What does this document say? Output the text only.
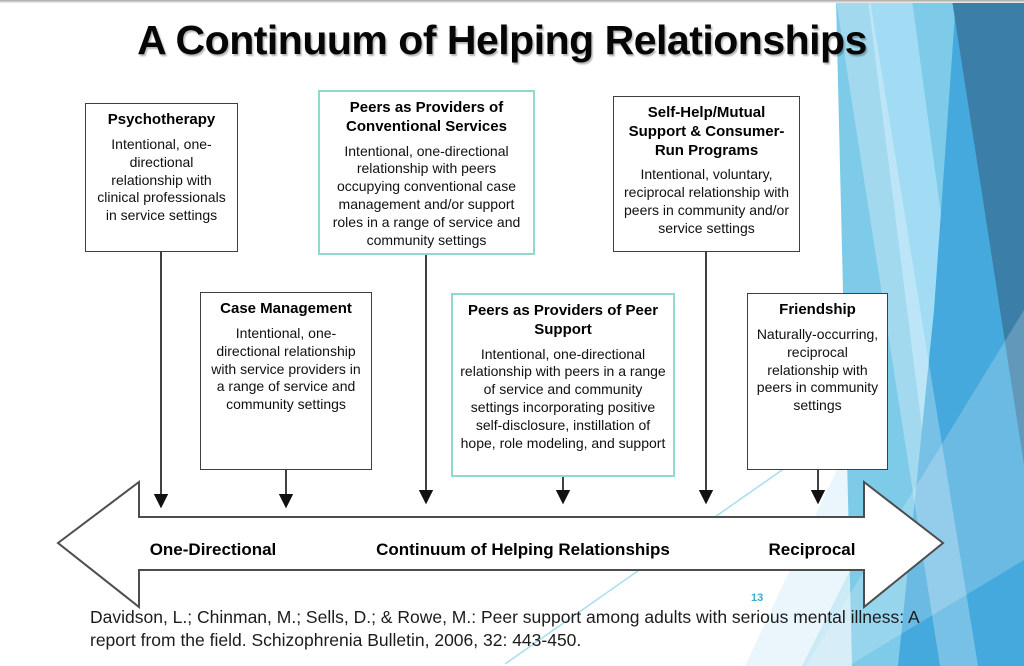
A Continuum of Helping Relationships
Psychotherapy
Intentional, one-directional relationship with clinical professionals in service settings
Peers as Providers of Conventional Services
Intentional, one-directional relationship with peers occupying conventional case management and/or support roles in a range of service and community settings
Self-Help/Mutual Support & Consumer-Run Programs
Intentional, voluntary, reciprocal relationship with peers in community and/or service settings
Case Management
Intentional, one-directional relationship with service providers in a range of service and community settings
Peers as Providers of Peer Support
Intentional, one-directional relationship with peers in a range of service and community settings incorporating positive self-disclosure, instillation of hope, role modeling, and support
Friendship
Naturally-occurring, reciprocal relationship with peers in community settings
One-Directional	Continuum of Helping Relationships	Reciprocal
13
Davidson, L.; Chinman, M.; Sells, D.; & Rowe, M.: Peer support among adults with serious mental illness: A
report from the field. Schizophrenia Bulletin, 2006, 32: 443-450.
